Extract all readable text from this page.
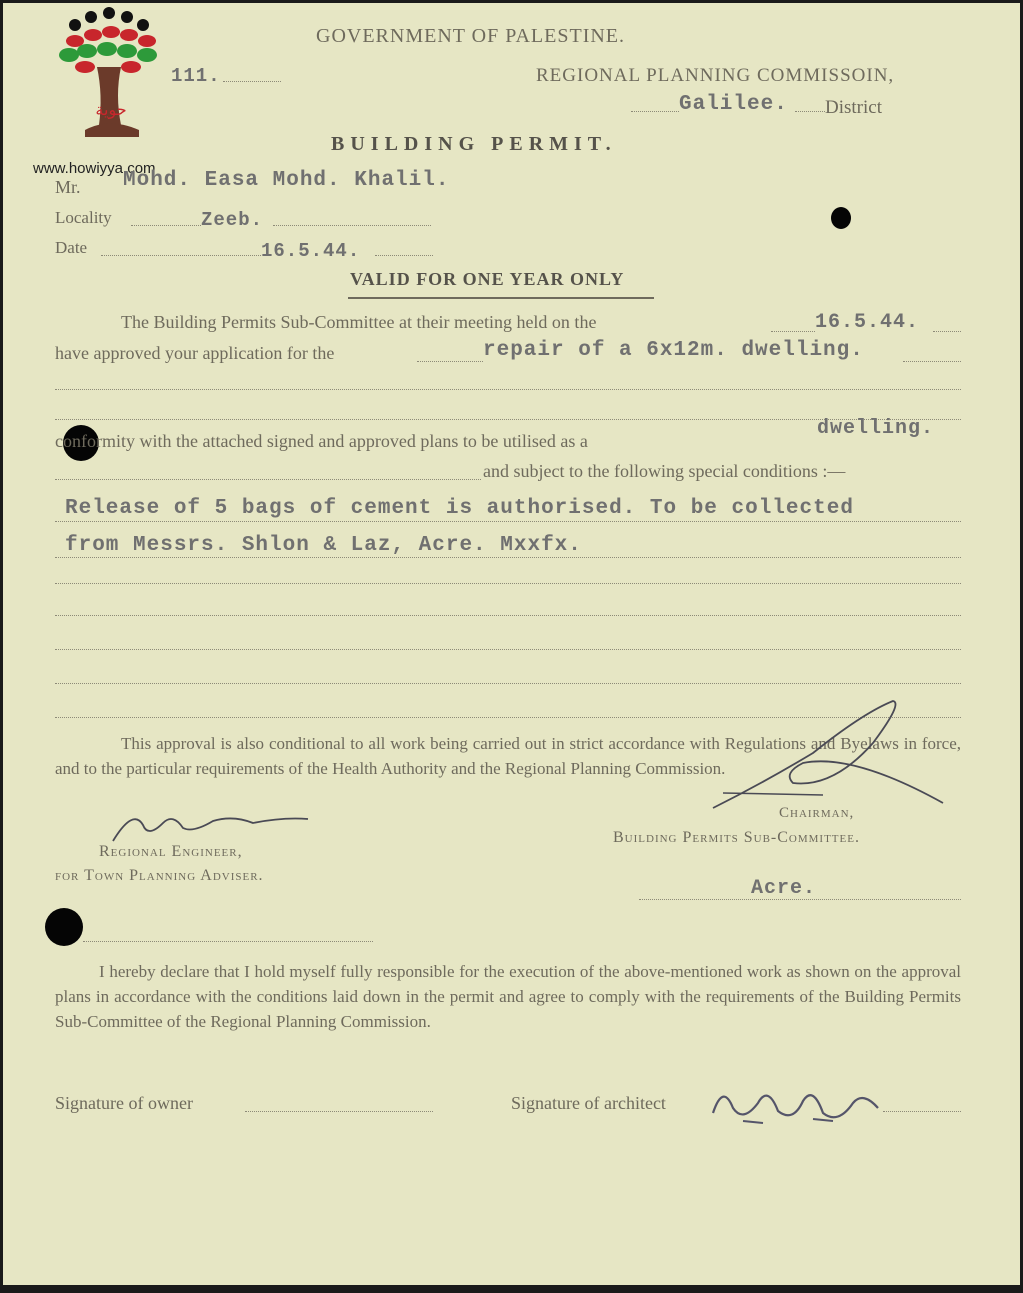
حوية
www.howiyya.com
GOVERNMENT OF PALESTINE.
111.	REGIONAL PLANNING COMMISSOIN,
Galilee. District
BUILDING PERMIT.
Mr. Mohd. Easa Mohd. Khalil.
Locality	Zeeb.
Date	16.5.44.
VALID FOR ONE YEAR ONLY
The Building Permits Sub-Committee at their meeting held on the	16.5.44.
have approved your application for the	repair of a 6x12m. dwelling.
conformity with the attached signed and approved plans to be utilised as a
dwelling.
and subject to the following special conditions :—
Release of 5 bags of cement is authorised. To be collected
from Messrs. Shlon & Laz, Acre. Mxxfx.
This approval is also conditional to all work being carried out in strict accordance with Regulations and Byelaws in force, and to the particular requirements of the Health Authority and the Regional Planning Commission.
Chairman,
Building Permits Sub-Committee.
Regional Engineer,
for Town Planning Adviser.
Acre.
I hereby declare that I hold myself fully responsible for the execution of the above-mentioned work as shown on the approval plans in accordance with the conditions laid down in the permit and agree to comply with the requirements of the Building Permits Sub-Committee of the Regional Planning Commission.
Signature of owner	Signature of architect
